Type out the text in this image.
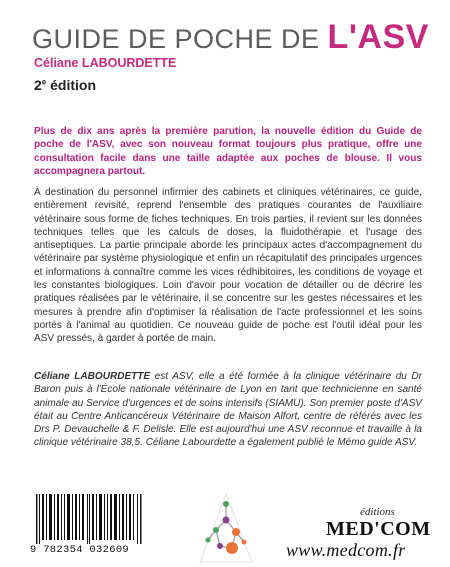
GUIDE DE POCHE DE L'ASV
Céliane LABOURDETTE
2e édition

Plus de dix ans après la première parution, la nouvelle édition du Guide de poche de l'ASV, avec son nouveau format toujours plus pratique, offre une consultation facile dans une taille adaptée aux poches de blouse. Il vous accompagnera partout.

À destination du personnel infirmier des cabinets et cliniques vétérinaires, ce guide, entièrement revisité, reprend l'ensemble des pratiques courantes de l'auxiliaire vétérinaire sous forme de fiches techniques. En trois parties, il revient sur les données techniques telles que les calculs de doses, la fluidothérapie et l'usage des antiseptiques. La partie principale aborde les principaux actes d'accompagnement du vétérinaire par système physiologique et enfin un récapitulatif des principales urgences et informations à connaître comme les vices rédhibitoires, les conditions de voyage et les constantes biologiques. Loin d'avoir pour vocation de détailler ou de décrire les pratiques réalisées par le vétérinaire, il se concentre sur les gestes nécessaires et les mesures à prendre afin d'optimiser la réalisation de l'acte professionnel et les soins portés à l'animal au quotidien. Ce nouveau guide de poche est l'outil idéal pour les ASV pressés, à garder à portée de main.

Céliane LABOURDETTE est ASV, elle a été formée à la clinique vétérinaire du Dr Baron puis à l'École nationale vétérinaire de Lyon en tant que technicienne en santé animale au Service d'urgences et de soins intensifs (SIAMU). Son premier poste d'ASV était au Centre Anticancéreux Vétérinaire de Maison Alfort, centre de référés avec les Drs P. Devauchelle & F. Delisle. Elle est aujourd'hui une ASV reconnue et travaille à la clinique vétérinaire 38,5. Céliane Labourdette a également publié le Mémo guide ASV.

9 782354 032609
éditions
MED'COM
www.medcom.fr
